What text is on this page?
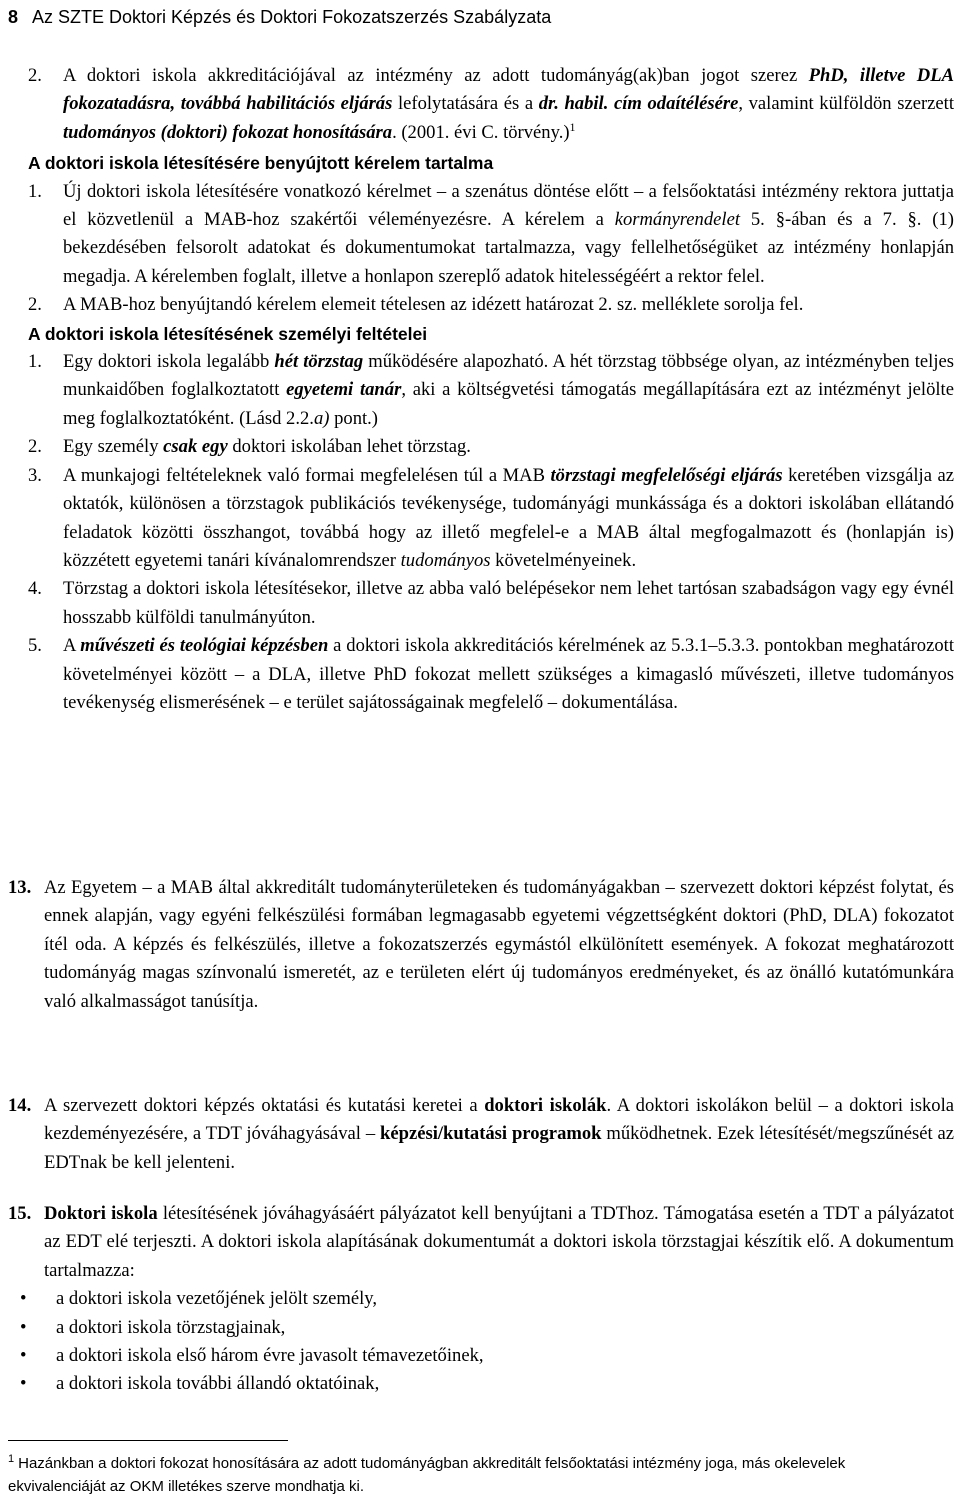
8 Az SZTE Doktori Képzés és Doktori Fokozatszerzés Szabályzata
2. A doktori iskola akkreditációjával az intézmény az adott tudományág(ak)ban jogot szerez PhD, illetve DLA fokozatadásra, továbbá habilitációs eljárás lefolytatására és a dr. habil. cím odaítélésére, valamint külföldön szerzett tudományos (doktori) fokozat honosítására. (2001. évi C. törvény.)$^1$
A doktori iskola létesítésére benyújtott kérelem tartalma
1. Új doktori iskola létesítésére vonatkozó kérelmet – a szenátus döntése előtt – a felsőoktatási intézmény rektora juttatja el közvetlenül a MAB-hoz szakértői véleményezésre. A kérelem a kormányrendelet 5. §-ában és a 7. §. (1) bekezdésében felsorolt adatokat és dokumentumokat tartalmazza, vagy fellelhetőségüket az intézmény honlapján megadja. A kérelemben foglalt, illetve a honlapon szereplő adatok hitelességéért a rektor felel.
2. A MAB-hoz benyújtandó kérelem elemeit tételesen az idézett határozat 2. sz. melléklete sorolja fel.
A doktori iskola létesítésének személyi feltételei
1. Egy doktori iskola legalább hét törzstag működésére alapozható. A hét törzstag többsége olyan, az intézményben teljes munkaidőben foglalkoztatott egyetemi tanár, aki a költségvetési támogatás megállapítására ezt az intézményt jelölte meg foglalkoztatóként. (Lásd 2.2.a) pont.)
2. Egy személy csak egy doktori iskolában lehet törzstag.
3. A munkajogi feltételeknek való formai megfelelésen túl a MAB törzstagi megfelelőségi eljárás keretében vizsgálja az oktatók, különösen a törzstagok publikációs tevékenysége, tudományági munkássága és a doktori iskolában ellátandó feladatok közötti összhangot, továbbá hogy az illető megfelel-e a MAB által megfogalmazott és (honlapján is) közzétett egyetemi tanári kívánalomrendszer tudományos követelményeinek.
4. Törzstag a doktori iskola létesítésekor, illetve az abba való belépésekor nem lehet tartósan szabadságon vagy egy évnél hosszabb külföldi tanulmányúton.
5. A művészeti és teológiai képzésben a doktori iskola akkreditációs kérelmének az 5.3.1–5.3.3. pontokban meghatározott követelményei között – a DLA, illetve PhD fokozat mellett szükséges a kimagasló művészeti, illetve tudományos tevékenység elismerésének – e terület sajátosságainak megfelelő – dokumentálása.
13. Az Egyetem – a MAB által akkreditált tudományterületeken és tudományágakban – szervezett doktori képzést folytat, és ennek alapján, vagy egyéni felkészülési formában legmagasabb egyetemi végzettségként doktori (PhD, DLA) fokozatot ítél oda. A képzés és felkészülés, illetve a fokozatszerzés egymástól elkülönített események. A fokozat meghatározott tudományág magas színvonalú ismeretét, az e területen elért új tudományos eredményeket, és az önálló kutatómunkára való alkalmasságot tanúsítja.
14. A szervezett doktori képzés oktatási és kutatási keretei a doktori iskolák. A doktori iskolákon belül – a doktori iskola kezdeményezésére, a TDT jóváhagyásával – képzési/kutatási programok működhetnek. Ezek létesítését/megszűnését az EDTnak be kell jelenteni.
15. Doktori iskola létesítésének jóváhagyásáért pályázatot kell benyújtani a TDThoz. Támogatása esetén a TDT a pályázatot az EDT elé terjeszti. A doktori iskola alapításának dokumentumát a doktori iskola törzstagjai készítik elő. A dokumentum tartalmazza:
• a doktori iskola vezetőjének jelölt személy,
• a doktori iskola törzstagjainak,
• a doktori iskola első három évre javasolt témavezetőinek,
• a doktori iskola további állandó oktatóinak,
$^1$ Hazánkban a doktori fokozat honosítására az adott tudományágban akkreditált felsőoktatási intézmény joga, más okelevelek ekvivalenciáját az OKM illetékes szerve mondhatja ki.
